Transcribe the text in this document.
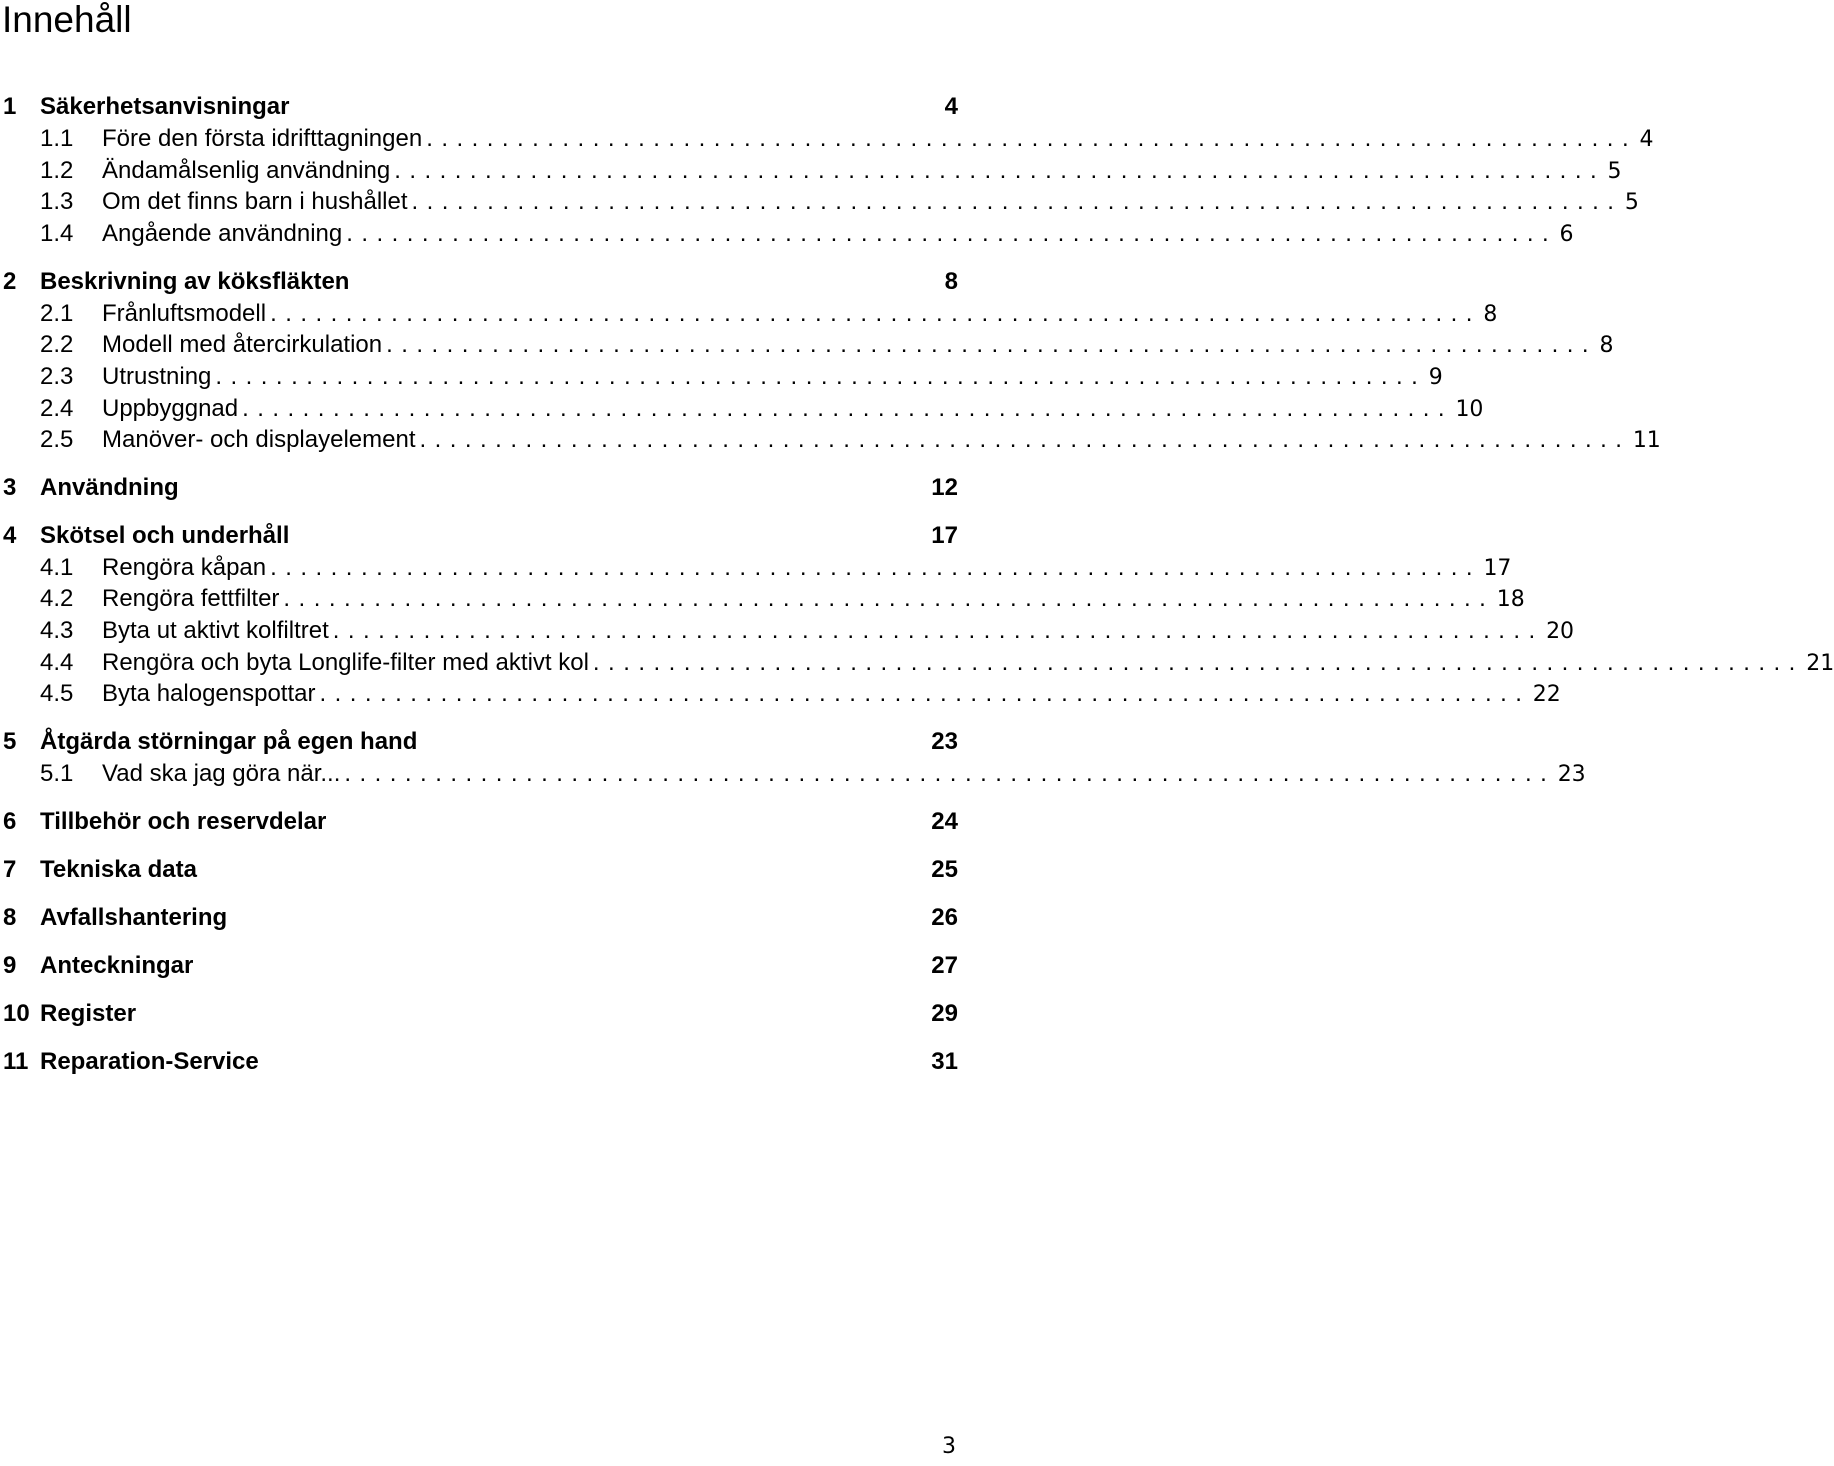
Innehåll
1 Säkerhetsanvisningar	4
1.1 Före den första idrifttagningen . . . . . . . . . . . . . . . . . . . . . . . . . . . . . . . . . . . . . . . . . . . . . . . . . . . . . . . . . . . . . . . . . . . . . . . . . . . . . . . . 4
1.2 Ändamålsenlig användning . . . . . . . . . . . . . . . . . . . . . . . . . . . . . . . . . . . . . . . . . . . . . . . . . . . . . . . . . . . . . . . . . . . . . . . . . . . . . . . . 5
1.3 Om det finns barn i hushållet . . . . . . . . . . . . . . . . . . . . . . . . . . . . . . . . . . . . . . . . . . . . . . . . . . . . . . . . . . . . . . . . . . . . . . . . . . . . . . . . 5
1.4 Angående användning . . . . . . . . . . . . . . . . . . . . . . . . . . . . . . . . . . . . . . . . . . . . . . . . . . . . . . . . . . . . . . . . . . . . . . . . . . . . . . . . 6
2 Beskrivning av köksfläkten	8
2.1 Frånluftsmodell . . . . . . . . . . . . . . . . . . . . . . . . . . . . . . . . . . . . . . . . . . . . . . . . . . . . . . . . . . . . . . . . . . . . . . . . . . . . . . . . 8
2.2 Modell med återcirkulation . . . . . . . . . . . . . . . . . . . . . . . . . . . . . . . . . . . . . . . . . . . . . . . . . . . . . . . . . . . . . . . . . . . . . . . . . . . . . . . . 8
2.3 Utrustning . . . . . . . . . . . . . . . . . . . . . . . . . . . . . . . . . . . . . . . . . . . . . . . . . . . . . . . . . . . . . . . . . . . . . . . . . . . . . . . . 9
2.4 Uppbyggnad . . . . . . . . . . . . . . . . . . . . . . . . . . . . . . . . . . . . . . . . . . . . . . . . . . . . . . . . . . . . . . . . . . . . . . . . . . . . . . . . 10
2.5 Manöver- och displayelement . . . . . . . . . . . . . . . . . . . . . . . . . . . . . . . . . . . . . . . . . . . . . . . . . . . . . . . . . . . . . . . . . . . . . . . . . . . . . . . . 11
3 Användning	12
4 Skötsel och underhåll	17
4.1 Rengöra kåpan . . . . . . . . . . . . . . . . . . . . . . . . . . . . . . . . . . . . . . . . . . . . . . . . . . . . . . . . . . . . . . . . . . . . . . . . . . . . . . . . 17
4.2 Rengöra fettfilter . . . . . . . . . . . . . . . . . . . . . . . . . . . . . . . . . . . . . . . . . . . . . . . . . . . . . . . . . . . . . . . . . . . . . . . . . . . . . . . . 18
4.3 Byta ut aktivt kolfiltret . . . . . . . . . . . . . . . . . . . . . . . . . . . . . . . . . . . . . . . . . . . . . . . . . . . . . . . . . . . . . . . . . . . . . . . . . . . . . . . . 20
4.4 Rengöra och byta Longlife-filter med aktivt kol . . . . . . . . . . . . . . . . . . . . . . . . . . . . . . . . . . . . . . . . . . . . . . . . . . . . . . . . . . . . . . . . . . . . . . . . . . . . . . . . 21
4.5 Byta halogenspottar . . . . . . . . . . . . . . . . . . . . . . . . . . . . . . . . . . . . . . . . . . . . . . . . . . . . . . . . . . . . . . . . . . . . . . . . . . . . . . . . 22
5 Åtgärda störningar på egen hand	23
5.1 Vad ska jag göra när... . . . . . . . . . . . . . . . . . . . . . . . . . . . . . . . . . . . . . . . . . . . . . . . . . . . . . . . . . . . . . . . . . . . . . . . . . . . . . . . . 23
6 Tillbehör och reservdelar	24
7 Tekniska data	25
8 Avfallshantering	26
9 Anteckningar	27
10 Register	29
11 Reparation-Service	31
3
